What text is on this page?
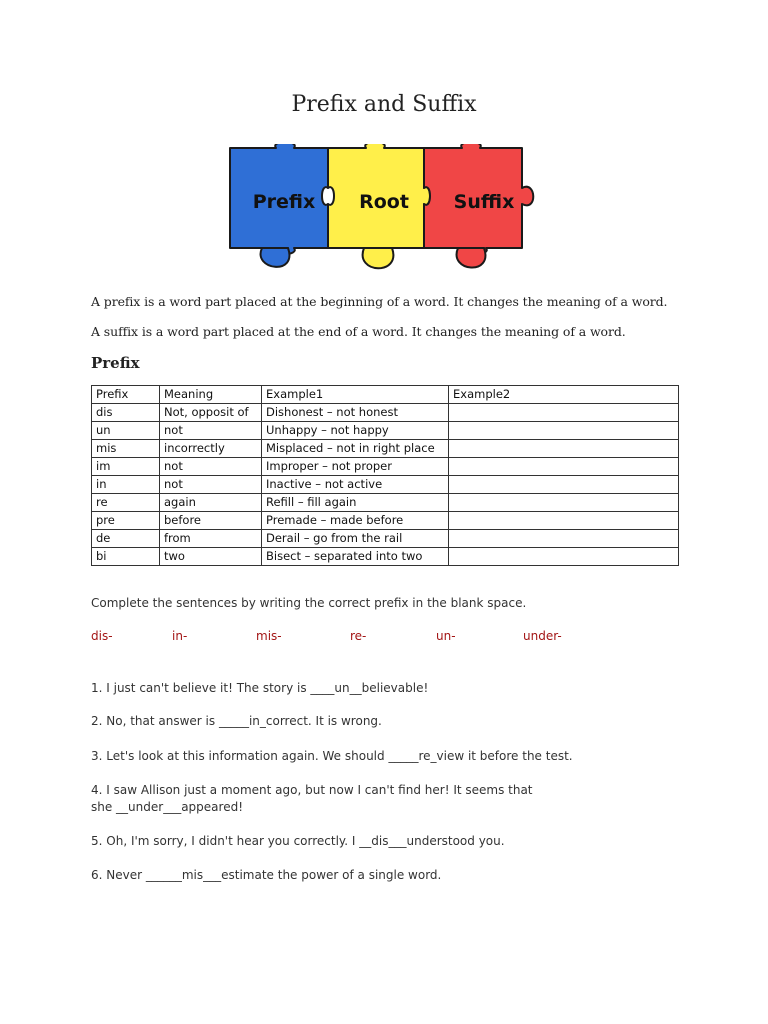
Prefix and Suffix
Prefix Root Suffix
A prefix is a word part placed at the beginning of a word. It changes the meaning of a word.
A suffix is a word part placed at the end of a word. It changes the meaning of a word.
Prefix
Prefix	Meaning	Example1	Example2
dis	Not, opposit of	Dishonest – not honest	
un	not	Unhappy – not happy	
mis	incorrectly	Misplaced – not in right place	
im	not	Improper – not proper	
in	not	Inactive – not active	
re	again	Refill – fill again	
pre	before	Premade – made before	
de	from	Derail – go from the rail	
bi	two	Bisect – separated into two	
Complete the sentences by writing the correct prefix in the blank space.
dis-	in-	mis-	re-	un-	under-
1. I just can't believe it! The story is ____un__believable!
2. No, that answer is _____in_correct. It is wrong.
3. Let's look at this information again. We should _____re_view it before the test.
4. I saw Allison just a moment ago, but now I can't find her! It seems that
she __under___appeared!
5. Oh, I'm sorry, I didn't hear you correctly. I __dis___understood you.
6. Never ______mis___estimate the power of a single word.
